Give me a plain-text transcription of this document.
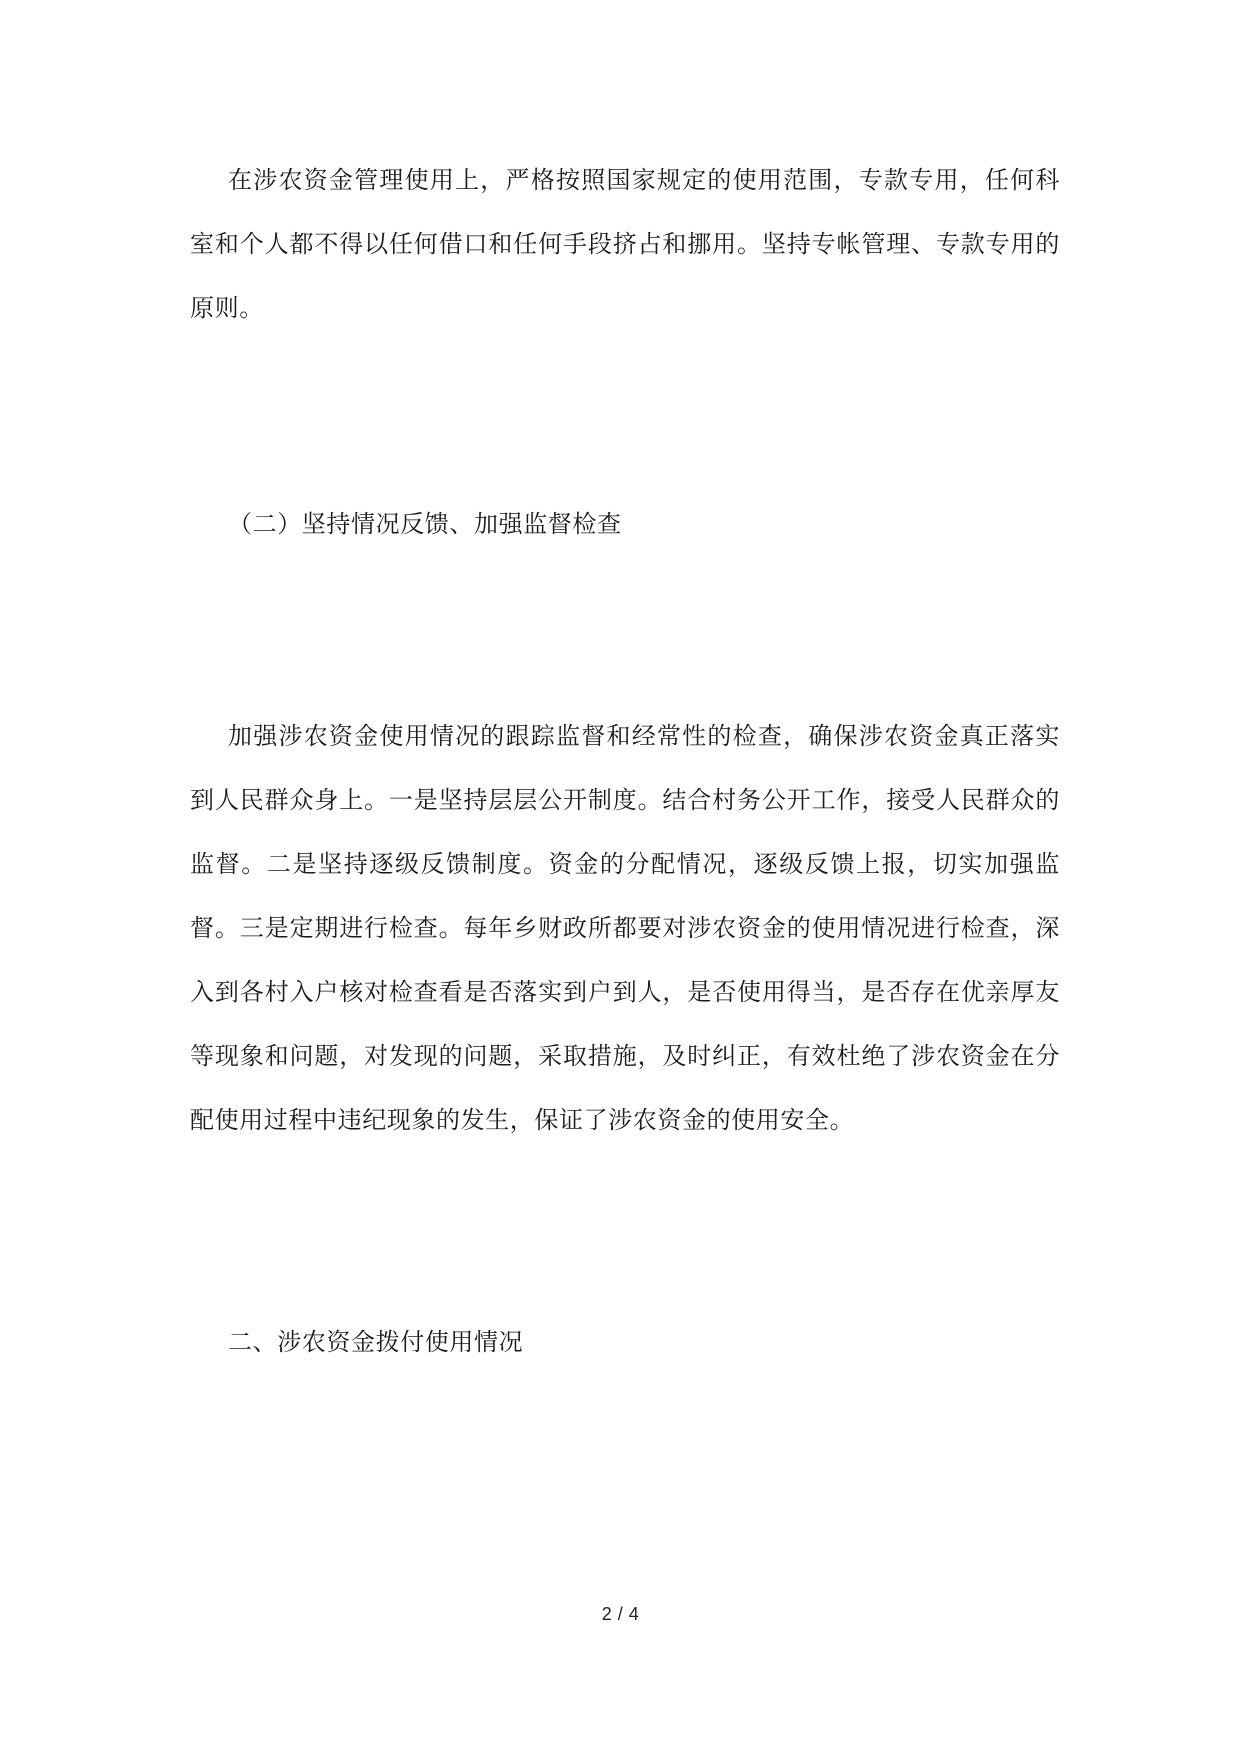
在涉农资金管理使用上，严格按照国家规定的使用范围，专款专用，任何科室和个人都不得以任何借口和任何手段挤占和挪用。坚持专帐管理、专款专用的原则。

（二）坚持情况反馈、加强监督检查

加强涉农资金使用情况的跟踪监督和经常性的检查，确保涉农资金真正落实到人民群众身上。一是坚持层层公开制度。结合村务公开工作，接受人民群众的监督。二是坚持逐级反馈制度。资金的分配情况，逐级反馈上报，切实加强监督。三是定期进行检查。每年乡财政所都要对涉农资金的使用情况进行检查，深入到各村入户核对检查看是否落实到户到人，是否使用得当，是否存在优亲厚友等现象和问题，对发现的问题，采取措施，及时纠正，有效杜绝了涉农资金在分配使用过程中违纪现象的发生，保证了涉农资金的使用安全。

二、涉农资金拨付使用情况
2 / 4
